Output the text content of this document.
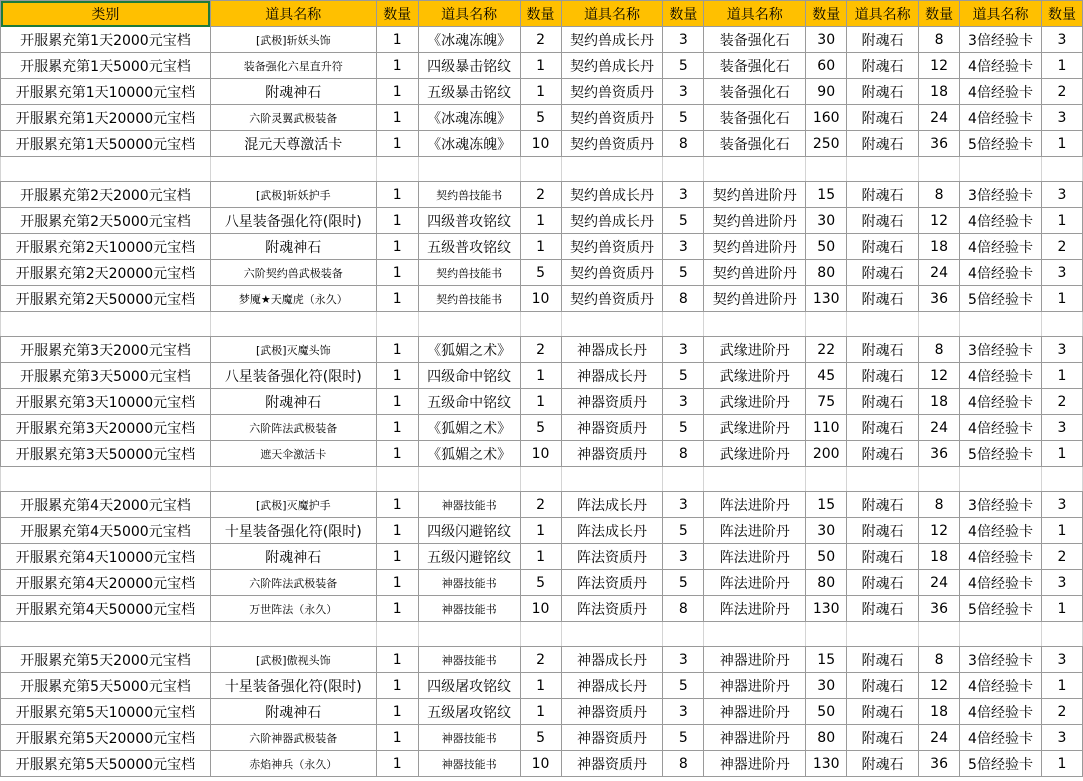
类别	道具名称	数量	道具名称	数量	道具名称	数量	道具名称	数量	道具名称	数量	道具名称	数量
开服累充第1天2000元宝档	[武极]斩妖头饰	1	《冰魂冻魄》	2	契约兽成长丹	3	装备强化石	30	附魂石	8	3倍经验卡	3
开服累充第1天5000元宝档	装备强化六星直升符	1	四级暴击铭纹	1	契约兽成长丹	5	装备强化石	60	附魂石	12	4倍经验卡	1
开服累充第1天10000元宝档	附魂神石	1	五级暴击铭纹	1	契约兽资质丹	3	装备强化石	90	附魂石	18	4倍经验卡	2
开服累充第1天20000元宝档	六阶灵翼武极装备	1	《冰魂冻魄》	5	契约兽资质丹	5	装备强化石	160	附魂石	24	4倍经验卡	3
开服累充第1天50000元宝档	混元天尊激活卡	1	《冰魂冻魄》	10	契约兽资质丹	8	装备强化石	250	附魂石	36	5倍经验卡	1

开服累充第2天2000元宝档	[武极]斩妖护手	1	契约兽技能书	2	契约兽成长丹	3	契约兽进阶丹	15	附魂石	8	3倍经验卡	3
开服累充第2天5000元宝档	八星装备强化符(限时)	1	四级普攻铭纹	1	契约兽成长丹	5	契约兽进阶丹	30	附魂石	12	4倍经验卡	1
开服累充第2天10000元宝档	附魂神石	1	五级普攻铭纹	1	契约兽资质丹	3	契约兽进阶丹	50	附魂石	18	4倍经验卡	2
开服累充第2天20000元宝档	六阶契约兽武极装备	1	契约兽技能书	5	契约兽资质丹	5	契约兽进阶丹	80	附魂石	24	4倍经验卡	3
开服累充第2天50000元宝档	梦魇★天魔虎（永久）	1	契约兽技能书	10	契约兽资质丹	8	契约兽进阶丹	130	附魂石	36	5倍经验卡	1

开服累充第3天2000元宝档	[武极]灭魔头饰	1	《狐媚之术》	2	神器成长丹	3	武缘进阶丹	22	附魂石	8	3倍经验卡	3
开服累充第3天5000元宝档	八星装备强化符(限时)	1	四级命中铭纹	1	神器成长丹	5	武缘进阶丹	45	附魂石	12	4倍经验卡	1
开服累充第3天10000元宝档	附魂神石	1	五级命中铭纹	1	神器资质丹	3	武缘进阶丹	75	附魂石	18	4倍经验卡	2
开服累充第3天20000元宝档	六阶阵法武极装备	1	《狐媚之术》	5	神器资质丹	5	武缘进阶丹	110	附魂石	24	4倍经验卡	3
开服累充第3天50000元宝档	遮天伞激活卡	1	《狐媚之术》	10	神器资质丹	8	武缘进阶丹	200	附魂石	36	5倍经验卡	1

开服累充第4天2000元宝档	[武极]灭魔护手	1	神器技能书	2	阵法成长丹	3	阵法进阶丹	15	附魂石	8	3倍经验卡	3
开服累充第4天5000元宝档	十星装备强化符(限时)	1	四级闪避铭纹	1	阵法成长丹	5	阵法进阶丹	30	附魂石	12	4倍经验卡	1
开服累充第4天10000元宝档	附魂神石	1	五级闪避铭纹	1	阵法资质丹	3	阵法进阶丹	50	附魂石	18	4倍经验卡	2
开服累充第4天20000元宝档	六阶阵法武极装备	1	神器技能书	5	阵法资质丹	5	阵法进阶丹	80	附魂石	24	4倍经验卡	3
开服累充第4天50000元宝档	万世阵法（永久）	1	神器技能书	10	阵法资质丹	8	阵法进阶丹	130	附魂石	36	5倍经验卡	1

开服累充第5天2000元宝档	[武极]傲视头饰	1	神器技能书	2	神器成长丹	3	神器进阶丹	15	附魂石	8	3倍经验卡	3
开服累充第5天5000元宝档	十星装备强化符(限时)	1	四级屠攻铭纹	1	神器成长丹	5	神器进阶丹	30	附魂石	12	4倍经验卡	1
开服累充第5天10000元宝档	附魂神石	1	五级屠攻铭纹	1	神器资质丹	3	神器进阶丹	50	附魂石	18	4倍经验卡	2
开服累充第5天20000元宝档	六阶神器武极装备	1	神器技能书	5	神器资质丹	5	神器进阶丹	80	附魂石	24	4倍经验卡	3
开服累充第5天50000元宝档	赤焰神兵（永久）	1	神器技能书	10	神器资质丹	8	神器进阶丹	130	附魂石	36	5倍经验卡	1
